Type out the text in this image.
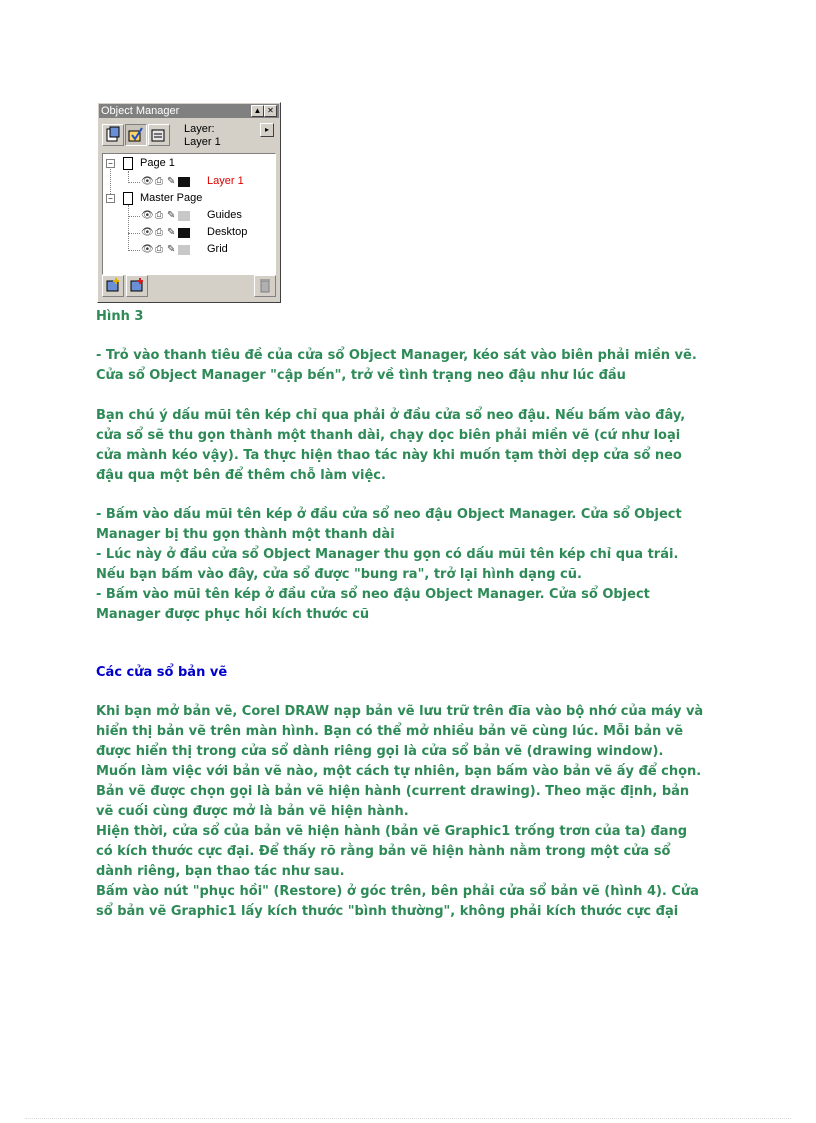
Object Manager	▲ ✕
Layer:
Layer 1
▸
− Page 1
👁 ⎙ ✎	Layer 1
− Master Page
👁 ⎙ ✎	Guides
👁 ⎙ ✎	Desktop
👁 ⎙ ✎	Grid
Hình 3
- Trỏ vào thanh tiêu đề của cửa sổ Object Manager, kéo sát vào biên phải miền vẽ.
Cửa sổ Object Manager "cập bến", trở về tình trạng neo đậu như lúc đầu
Bạn chú ý dấu mũi tên kép chỉ qua phải ở đầu cửa sổ neo đậu. Nếu bấm vào đây,
cửa sổ sẽ thu gọn thành một thanh dài, chạy dọc biên phải miền vẽ (cứ như loại
cửa mành kéo vậy). Ta thực hiện thao tác này khi muốn tạm thời dẹp cửa sổ neo
đậu qua một bên để thêm chỗ làm việc.
- Bấm vào dấu mũi tên kép ở đầu cửa sổ neo đậu Object Manager. Cửa sổ Object
Manager bị thu gọn thành một thanh dài
- Lúc này ở đầu cửa sổ Object Manager thu gọn có dấu mũi tên kép chỉ qua trái.
Nếu bạn bấm vào đây, cửa sổ được "bung ra", trở lại hình dạng cũ.
- Bấm vào mũi tên kép ở đầu cửa sổ neo đậu Object Manager. Cửa sổ Object
Manager được phục hồi kích thước cũ
Các cửa sổ bản vẽ
Khi bạn mở bản vẽ, Corel DRAW nạp bản vẽ lưu trữ trên đĩa vào bộ nhớ của máy và
hiển thị bản vẽ trên màn hình. Bạn có thể mở nhiều bản vẽ cùng lúc. Mỗi bản vẽ
được hiển thị trong cửa sổ dành riêng gọi là cửa sổ bản vẽ (drawing window).
Muốn làm việc với bản vẽ nào, một cách tự nhiên, bạn bấm vào bản vẽ ấy để chọn.
Bản vẽ được chọn gọi là bản vẽ hiện hành (current drawing). Theo mặc định, bản
vẽ cuối cùng được mở là bản vẽ hiện hành.
Hiện thời, cửa sổ của bản vẽ hiện hành (bản vẽ Graphic1 trống trơn của ta) đang
có kích thước cực đại. Để thấy rõ rằng bản vẽ hiện hành nằm trong một cửa sổ
dành riêng, bạn thao tác như sau.
Bấm vào nút "phục hồi" (Restore) ở góc trên, bên phải cửa sổ bản vẽ (hình 4). Cửa
sổ bản vẽ Graphic1 lấy kích thước "bình thường", không phải kích thước cực đại
